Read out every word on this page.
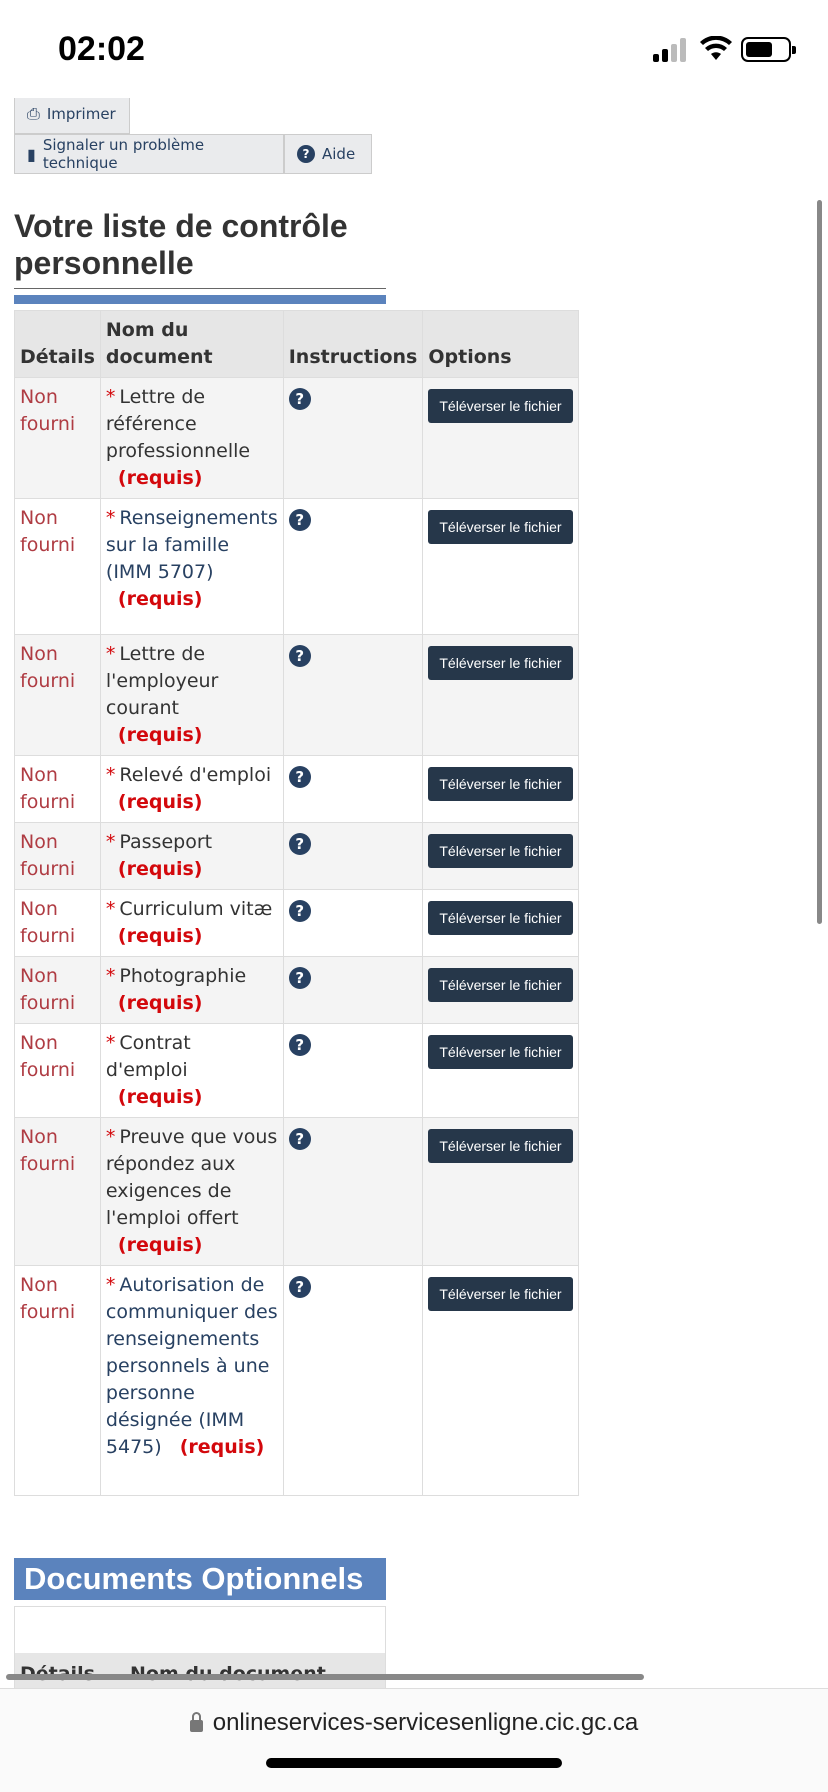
02:02
⎙ Imprimer
▮ Signaler un problème technique	? Aide
Votre liste de contrôle personnelle
Détails	Nom du document	Instructions	Options
Non fourni	* Lettre de référence professionnelle (requis)	?	Téléverser le fichier
Non fourni	* Renseignements sur la famille (IMM 5707) (requis)	?	Téléverser le fichier
Non fourni	* Lettre de l'employeur courant (requis)	?	Téléverser le fichier
Non fourni	* Relevé d'emploi (requis)	?	Téléverser le fichier
Non fourni	* Passeport (requis)	?	Téléverser le fichier
Non fourni	* Curriculum vitæ (requis)	?	Téléverser le fichier
Non fourni	* Photographie (requis)	?	Téléverser le fichier
Non fourni	* Contrat d'emploi (requis)	?	Téléverser le fichier
Non fourni	* Preuve que vous répondez aux exigences de l'emploi offert (requis)	?	Téléverser le fichier
Non fourni	* Autorisation de communiquer des renseignements personnels à une personne désignée (IMM 5475) (requis)	?	Téléverser le fichier
Documents Optionnels
onlineservices-servicesenligne.cic.gc.ca
